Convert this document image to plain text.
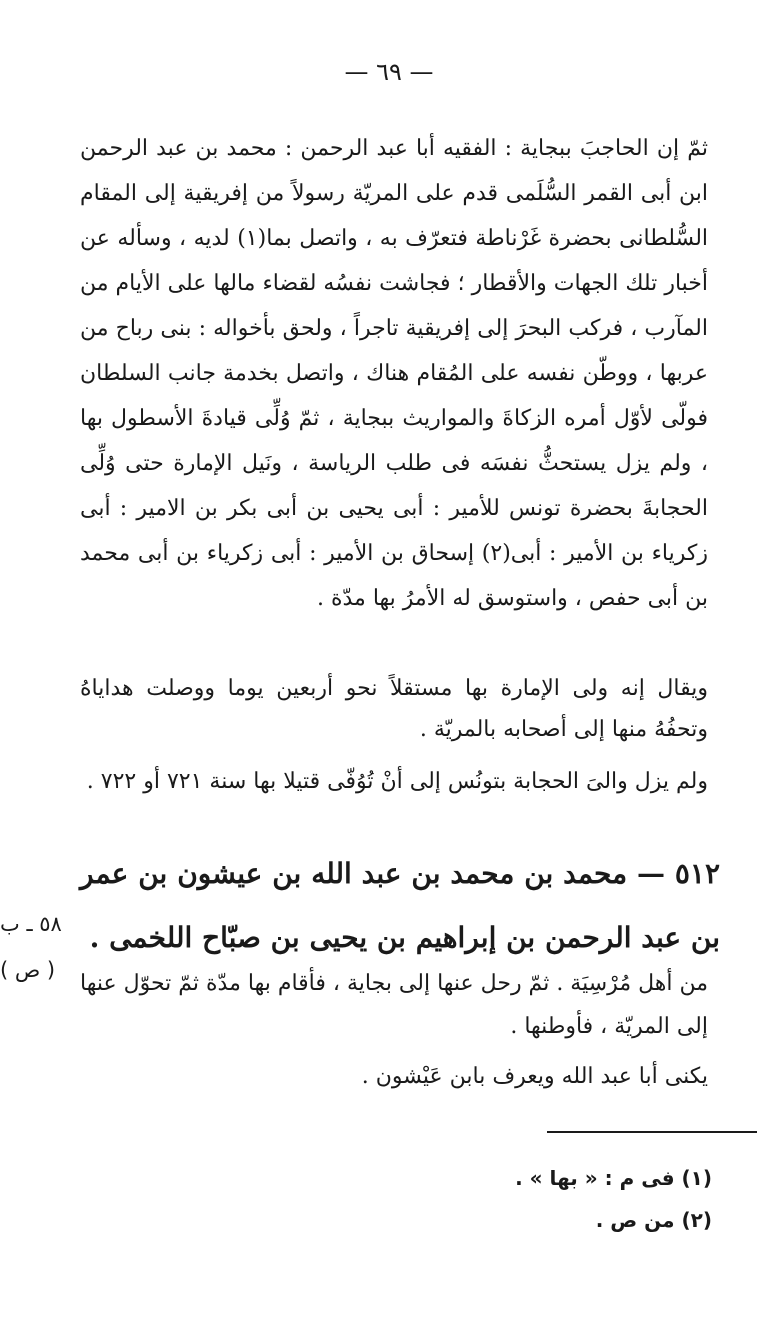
— ٦٩ —

ثمّ إن الحاجبَ ببجاية : الفقيه أبا عبد الرحمن : محمد بن عبد الرحمن ابن أبى القمر السُّلَمى قدم على المريّة رسولاً من إفريقية إلى المقام السُّلطانى بحضرة غَرْناطة فتعرّف به ، واتصل بما(١) لديه ، وسأله عن أخبار تلك الجهات والأقطار ؛ فجاشت نفسُه لقضاء مالها على الأيام من المآرب ، فركب البحرَ إلى إفريقية تاجراً ، ولحق بأخواله : بنى رباح من عربها ، ووطّن نفسه على المُقام هناك ، واتصل بخدمة جانب السلطان فولّى لأوّل أمره الزكاةَ والمواريث ببجاية ، ثمّ وُلِّى قيادةَ الأسطول بها ، ولم يزل يستحثُّ نفسَه فى طلب الرياسة ، ونَيل الإمارة حتى وُلِّى الحجابةَ بحضرة تونس للأمير : أبى يحيى بن أبى بكر بن الامير : أبى زكرياء بن الأمير : أبى(٢) إسحاق بن الأمير : أبى زكرياء بن أبى محمد بن أبى حفص ، واستوسق له الأمرُ بها مدّة .

ويقال إنه ولى الإمارة بها مستقلاً نحو أربعين يوما ووصلت هداياهُ وتحفُهُ منها إلى أصحابه بالمريّة .

ولم يزل والىَ الحجابة بتونُس إلى أنْ تُوُفّى قتيلا بها سنة ٧٢١ أو ٧٢٢ .

٥١٢ — محمد بن محمد بن عبد الله بن عيشون بن عمر بن عبد الرحمن بن إبراهيم بن يحيى بن صبّاح اللخمى .
٥٨ ـ ب
( ص )

من أهل مُرْسِيَة . ثمّ رحل عنها إلى بجاية ، فأقام بها مدّة ثمّ تحوّل عنها إلى المريّة ، فأوطنها .

يكنى أبا عبد الله ويعرف بابن عَيْشون .

(١) فى م : « بها » .
(٢) من ص .
